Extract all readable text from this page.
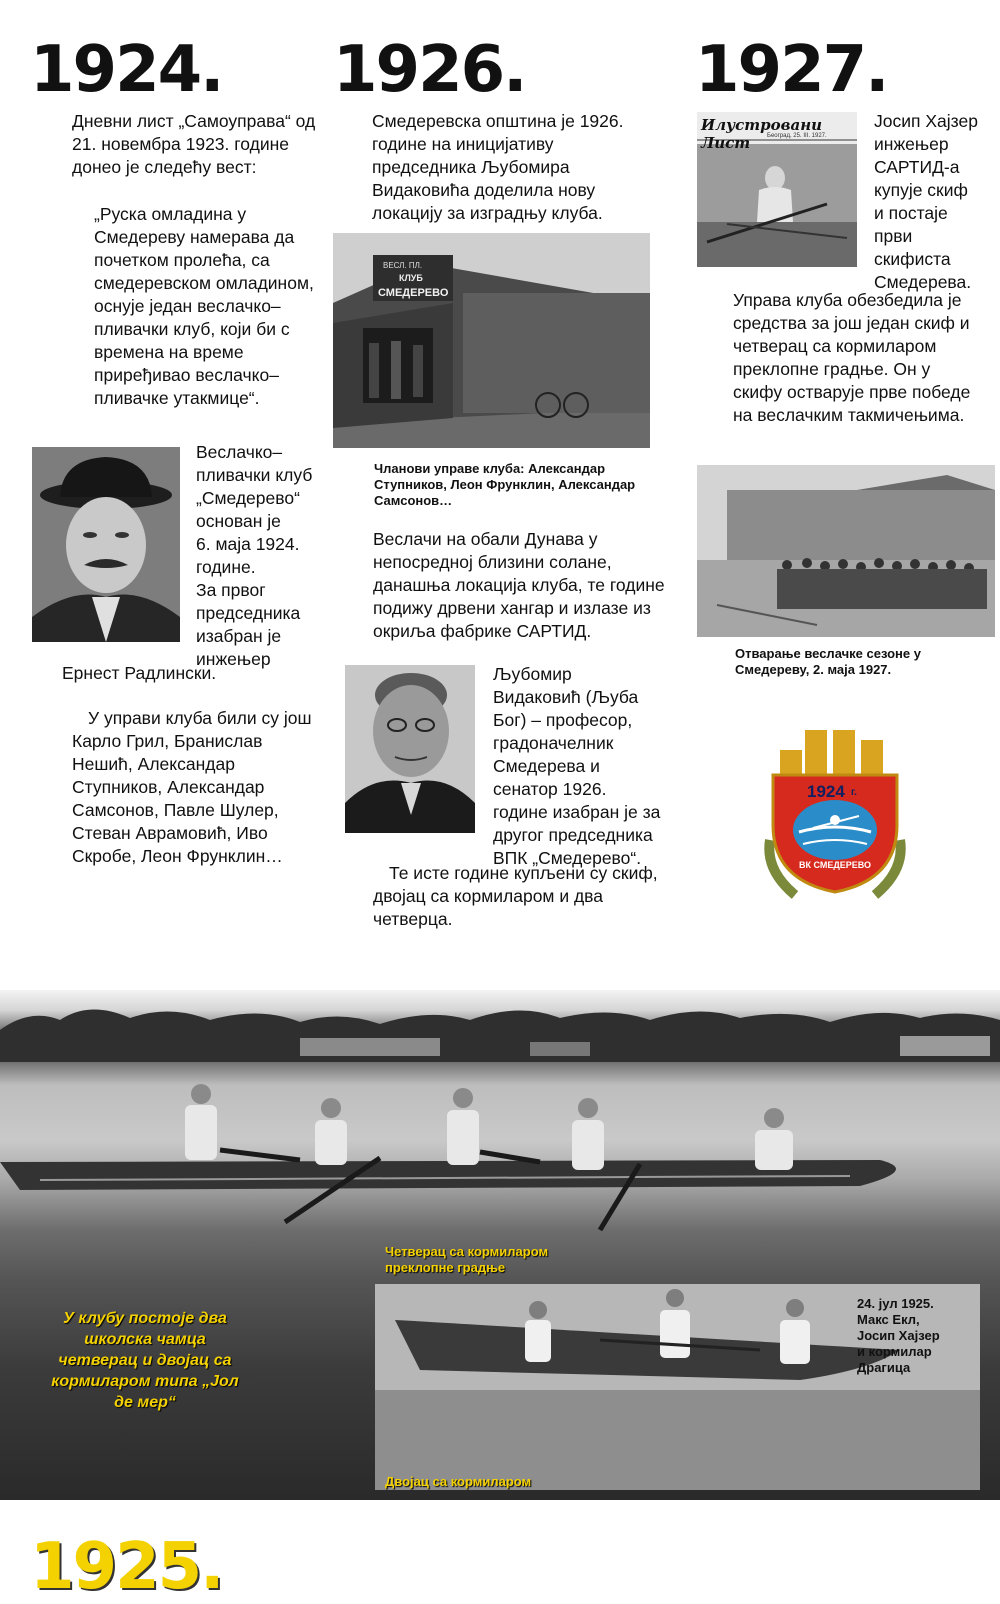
1924. 1926.	1927.
Дневни лист „Самоуправа“ од 21. новембра 1923. године донео је следећу вест:
„Руска омладина у Смедереву намерава да почетком пролећа, са смедеревском омладином, оснује један веслачко–пливачки клуб, који би с времена на време приређивао веслачко–пливачке утакмице“.
Веслачко–
пливачки клуб
„Смедерево“
основан је
6. маја 1924.
године.
За првог
председника
изабран је
инжењер
Ернест Радлински.
У управи клуба били су још Карло Грил, Бранислав Нешић, Александар Ступников, Александар Самсонов, Павле Шулер, Стеван Аврамовић, Иво Скробе, Леон Фрунклин…
Смедеревска општина је 1926. године на иницијативу председника Љубомира Видаковића доделила нову локацију за изградњу клуба.
ВЕСЛ. ПЛ.
КЛУБ
СМЕДЕРЕВО
Чланови управе клуба: Александар Ступников, Леон Фрунклин, Александар Самсонов…
Веслачи на обали Дунава у непосредној близини солане, данашња локација клуба, те године подижу дрвени хангар и излазе из окриља фабрике САРТИД.
Љубомир Видаковић (Љуба Бог) – професор, градоначелник Смедерева и сенатор 1926. године изабран је за другог председника ВПК „Смедерево“.
Те исте године купљени су скиф, двојац са кормиларом и два четверца.
Илустровани Лист	Београд, 25. III. 1927.
Јосип Хајзер
инжењер
САРТИД-а
купује скиф
и постаје
први
скифиста
Смедерева.
Управа клуба обезбедила је средства за још један скиф и четверац са кормиларом преклопне градње. Он у скифу остварује прве победе на веслачким такмичењима.
Отварање веслачке сезоне у Смедереву, 2. маја 1927.
1924 г.
ВК СМЕДЕРЕВО
1925.
У клубу постоје два школска чамца четверац и двојац са кормиларом типа „Јол де мер“
Четверац са кормиларом преклопне градње
24. јул 1925.
Макс Екл,
Јосип Хајзер
и кормилар
Драгица
Двојац са кормиларом
